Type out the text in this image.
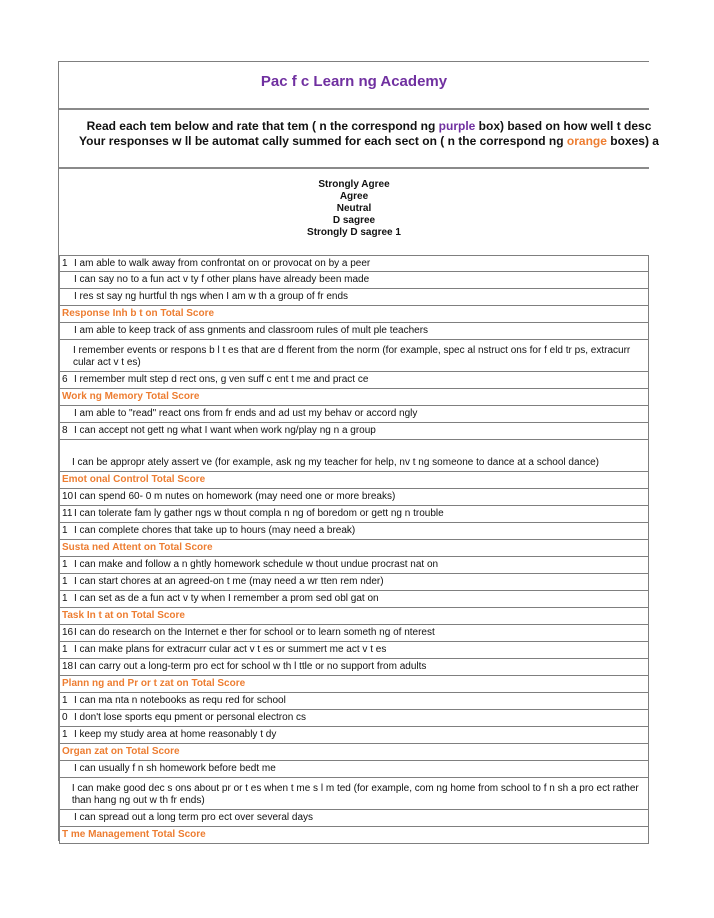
Pac f c Learn ng Academy
Read each tem below and rate that tem ( n the correspond ng purple box) based on how well t desc
Your responses w ll be automat cally summed for each sect on ( n the correspond ng orange boxes) a
Strongly Agree
Agree
Neutral
D sagree
Strongly D sagree 1
1 I am able to walk away from confrontat on or provocat on by a peer
I can say no to a fun act v ty f other plans have already been made
I res st say ng hurtful th ngs when I am w th a group of fr ends
Response Inh b t on Total Score
I am able to keep track of ass gnments and classroom rules of mult ple teachers
I remember events or respons b l t es that are d fferent from the norm (for example, spec al nstruct ons for f eld tr ps, extracurr cular act v t es)
6 I remember mult step d rect ons, g ven suff c ent t me and pract ce
Work ng Memory Total Score
I am able to "read" react ons from fr ends and ad ust my behav or accord ngly
8 I can accept not gett ng what I want when work ng/play ng n a group
I can be appropr ately assert ve (for example, ask ng my teacher for help, nv t ng someone to dance at a school dance)
Emot onal Control Total Score
10 I can spend 60- 0 m nutes on homework (may need one or more breaks)
11 I can tolerate fam ly gather ngs w thout compla n ng of boredom or gett ng n trouble
1 I can complete chores that take up to hours (may need a break)
Susta ned Attent on Total Score
1 I can make and follow a n ghtly homework schedule w thout undue procrast nat on
1 I can start chores at an agreed-on t me (may need a wr tten rem nder)
1 I can set as de a fun act v ty when I remember a prom sed obl gat on
Task In t at on Total Score
16 I can do research on the Internet e ther for school or to learn someth ng of nterest
1 I can make plans for extracurr cular act v t es or summert me act v t es
18 I can carry out a long-term pro ect for school w th l ttle or no support from adults
Plann ng and Pr or t zat on Total Score
1 I can ma nta n notebooks as requ red for school
0 I don't lose sports equ pment or personal electron cs
1 I keep my study area at home reasonably t dy
Organ zat on Total Score
I can usually f n sh homework before bedt me
I can make good dec s ons about pr or t es when t me s l m ted (for example, com ng home from school to f n sh a pro ect rather than hang ng out w th fr ends)
I can spread out a long term pro ect over several days
T me Management Total Score
